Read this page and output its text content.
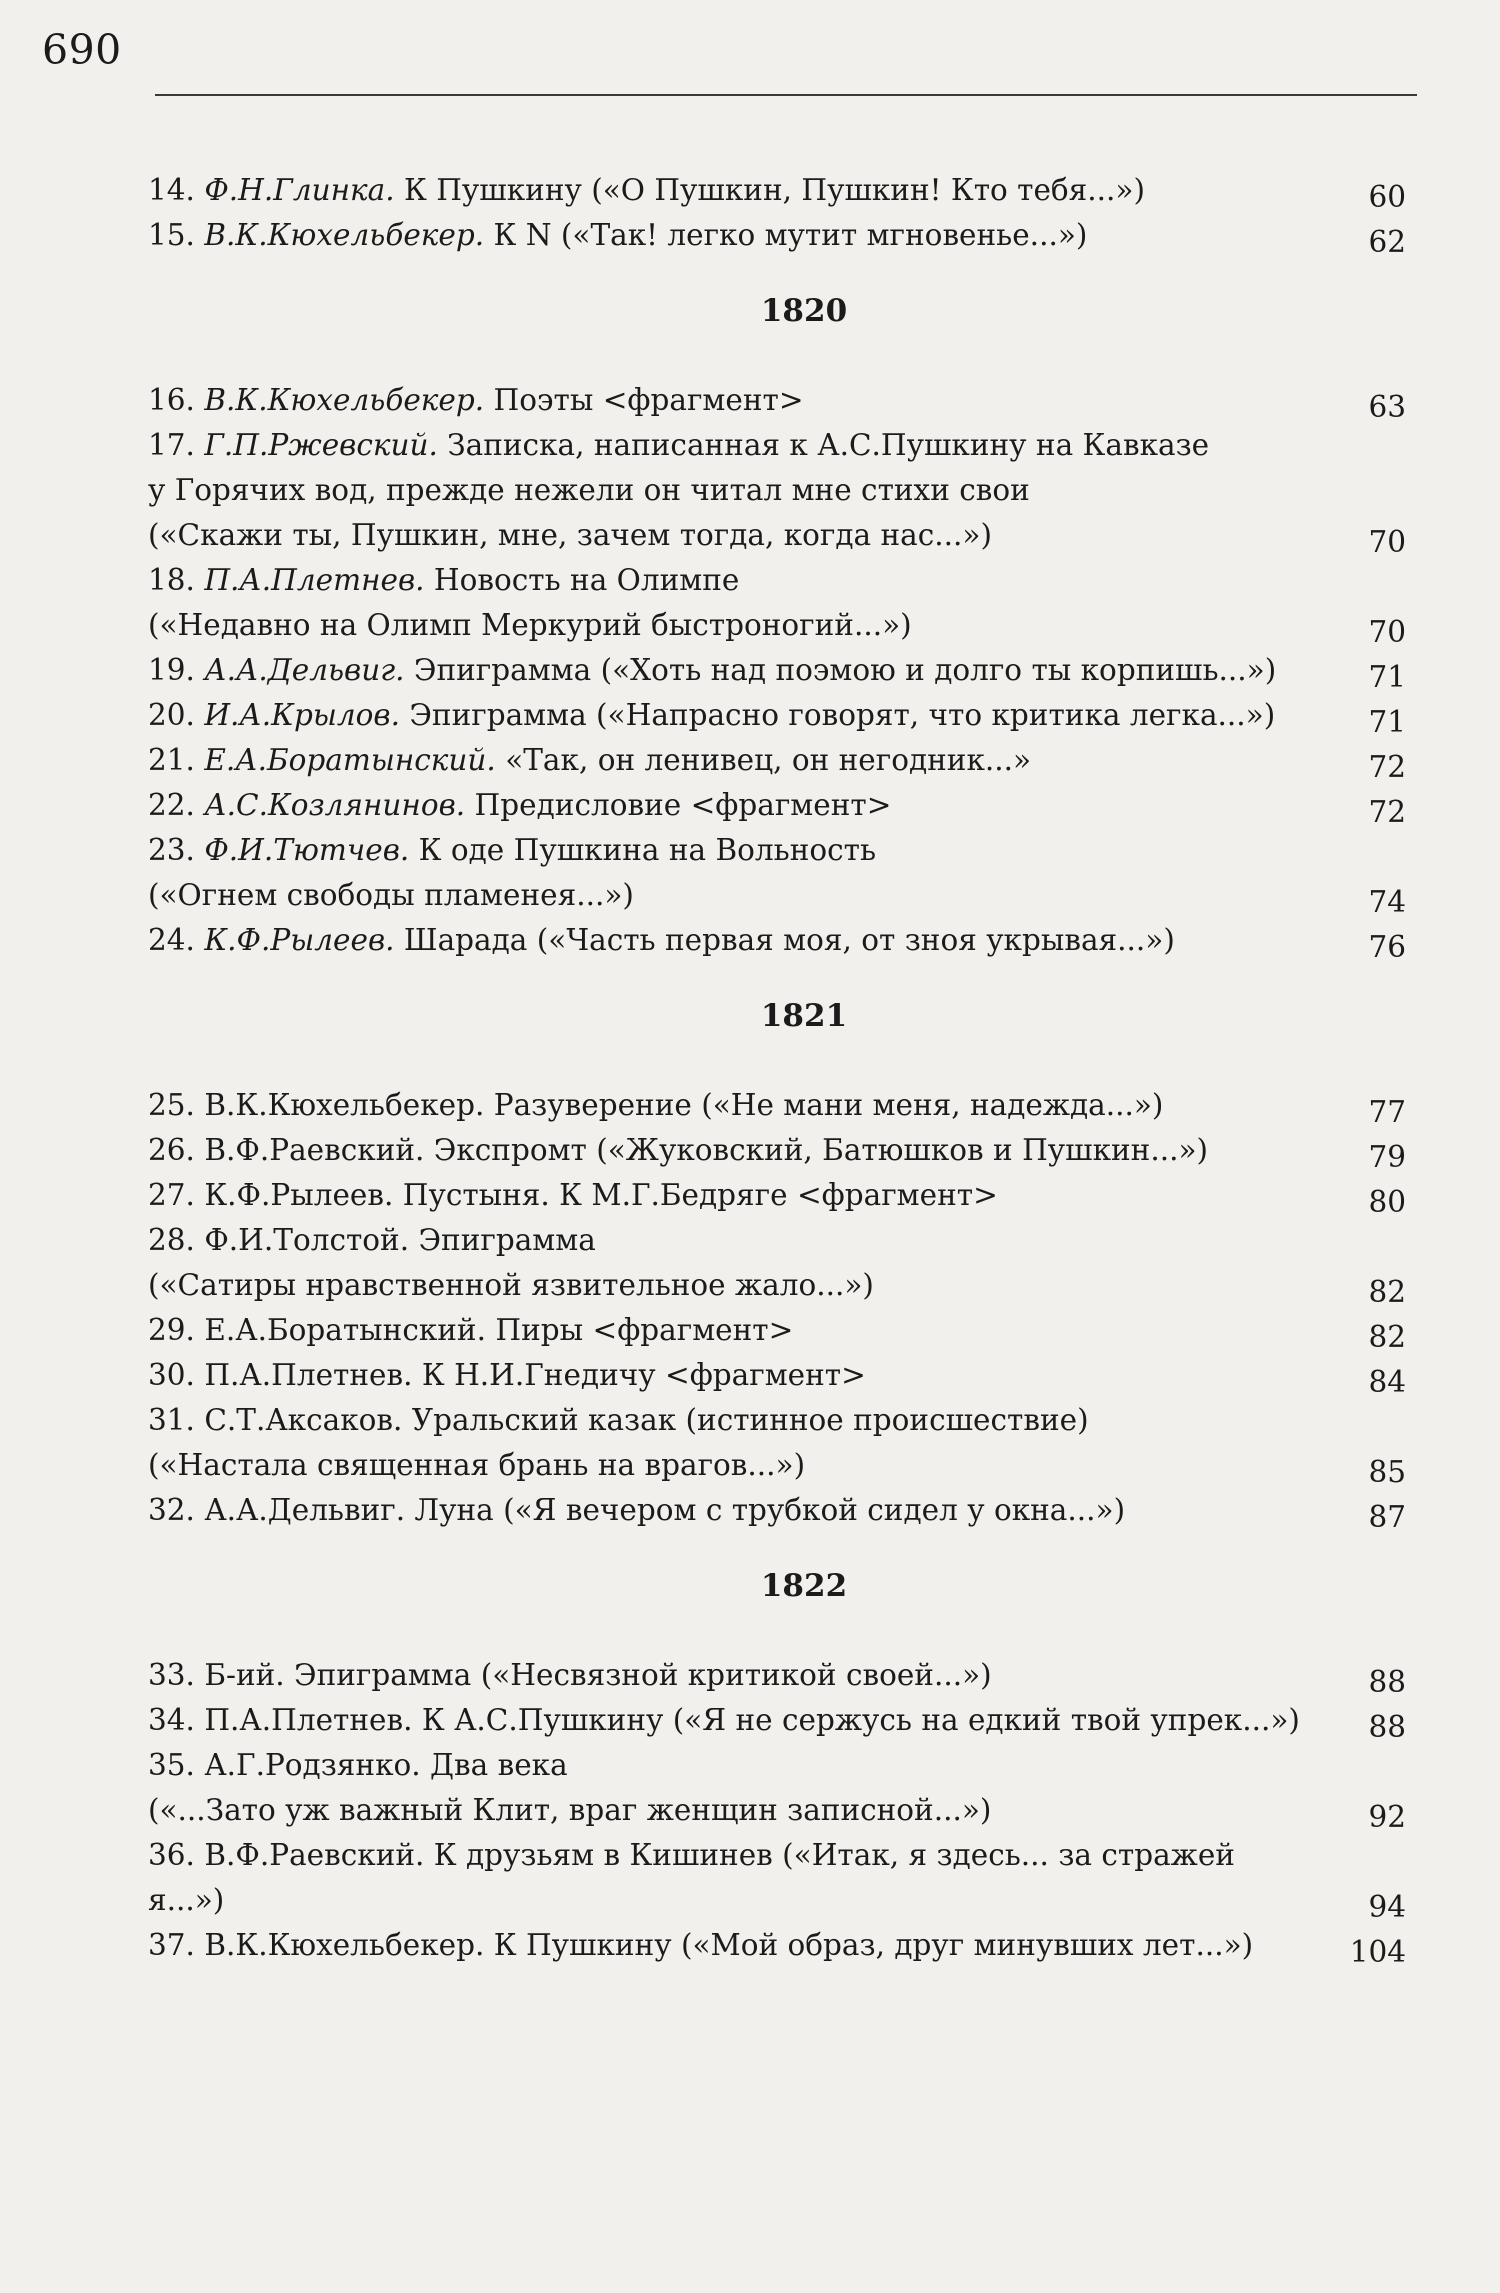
690
14. Ф.Н.Глинка. К Пушкину («О Пушкин, Пушкин! Кто тебя...»)	60
15. В.К.Кюхельбекер. К N («Так! легко мутит мгновенье...»)	62
1820
16. В.К.Кюхельбекер. Поэты <фрагмент>	63
17. Г.П.Ржевский. Записка, написанная к А.С.Пушкину на Кавказе
у Горячих вод, прежде нежели он читал мне стихи свои
(«Скажи ты, Пушкин, мне, зачем тогда, когда нас...»)	70
18. П.А.Плетнев. Новость на Олимпе
(«Недавно на Олимп Меркурий быстроногий...»)	70
19. А.А.Дельвиг. Эпиграмма («Хоть над поэмою и долго ты корпишь...»)	71
20. И.А.Крылов. Эпиграмма («Напрасно говорят, что критика легка...»)	71
21. Е.А.Боратынский. «Так, он ленивец, он негодник...»	72
22. А.С.Козлянинов. Предисловие <фрагмент>	72
23. Ф.И.Тютчев. К оде Пушкина на Вольность
(«Огнем свободы пламенея...»)	74
24. К.Ф.Рылеев. Шарада («Часть первая моя, от зноя укрывая...»)	76
1821
25. В.К.Кюхельбекер. Разуверение («Не мани меня, надежда...»)	77
26. В.Ф.Раевский. Экспромт («Жуковский, Батюшков и Пушкин...»)	79
27. К.Ф.Рылеев. Пустыня. К М.Г.Бедряге <фрагмент>	80
28. Ф.И.Толстой. Эпиграмма
(«Сатиры нравственной язвительное жало...»)	82
29. Е.А.Боратынский. Пиры <фрагмент>	82
30. П.А.Плетнев. К Н.И.Гнедичу <фрагмент>	84
31. С.Т.Аксаков. Уральский казак (истинное происшествие)
(«Настала священная брань на врагов...»)	85
32. А.А.Дельвиг. Луна («Я вечером с трубкой сидел у окна...»)	87
1822
33. Б-ий. Эпиграмма («Несвязной критикой своей...»)	88
34. П.А.Плетнев. К А.С.Пушкину («Я не сержусь на едкий твой упрек...»)	88
35. А.Г.Родзянко. Два века
(«...Зато уж важный Клит, враг женщин записной...»)	92
36. В.Ф.Раевский. К друзьям в Кишинев («Итак, я здесь... за стражей я...»)	94
37. В.К.Кюхельбекер. К Пушкину («Мой образ, друг минувших лет...»)	104
